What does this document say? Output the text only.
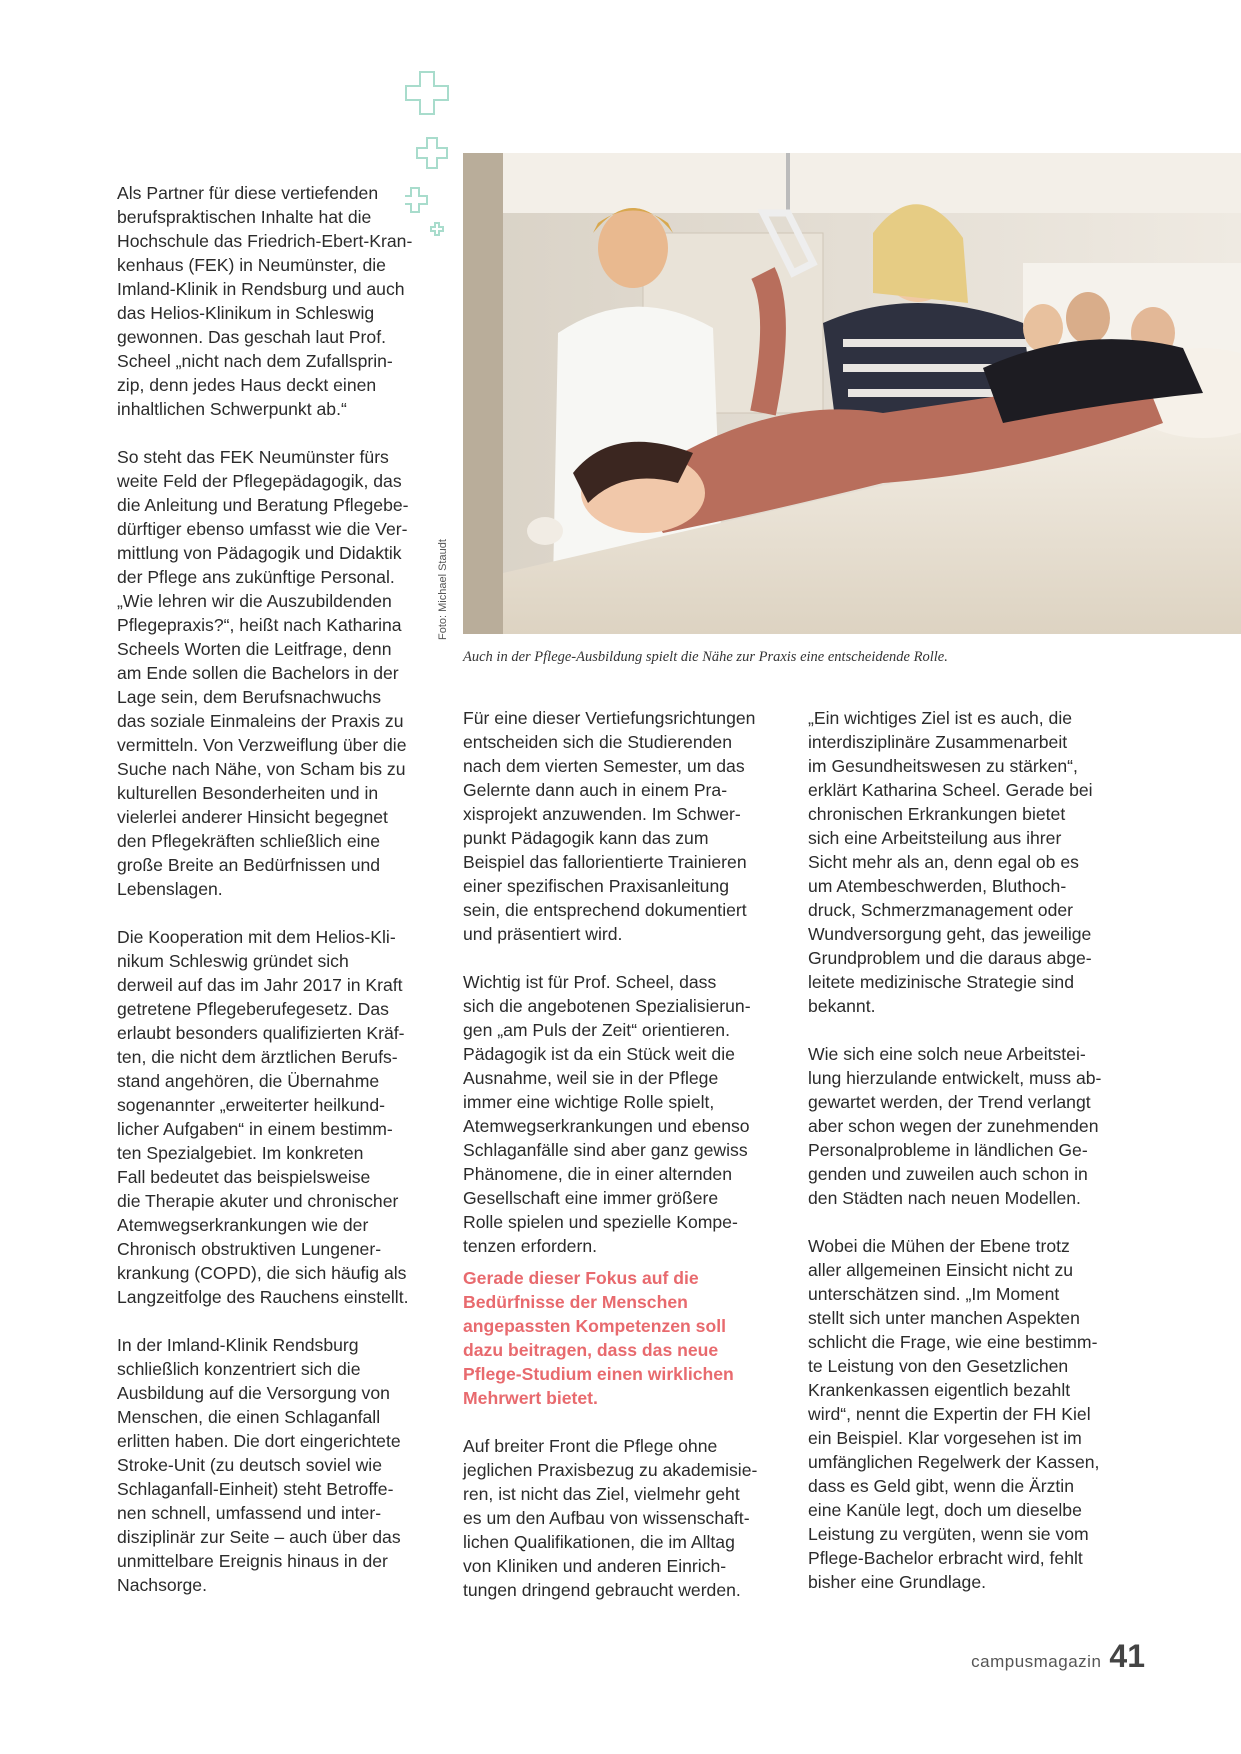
Als Partner für diese vertiefenden
berufspraktischen Inhalte hat die
Hochschule das Friedrich-Ebert-Kran-
kenhaus (FEK) in Neumünster, die
Imland-Klinik in Rendsburg und auch
das Helios-Klinikum in Schleswig
gewonnen. Das geschah laut Prof.
Scheel „nicht nach dem Zufallsprin-
zip, denn jedes Haus deckt einen
inhaltlichen Schwerpunkt ab.“

So steht das FEK Neumünster fürs
weite Feld der Pflegepädagogik, das
die Anleitung und Beratung Pflegebe-
dürftiger ebenso umfasst wie die Ver-
mittlung von Pädagogik und Didaktik
der Pflege ans zukünftige Personal.
„Wie lehren wir die Auszubildenden
Pflegepraxis?“, heißt nach Katharina
Scheels Worten die Leitfrage, denn
am Ende sollen die Bachelors in der
Lage sein, dem Berufsnachwuchs
das soziale Einmaleins der Praxis zu
vermitteln. Von Verzweiflung über die
Suche nach Nähe, von Scham bis zu
kulturellen Besonderheiten und in
vielerlei anderer Hinsicht begegnet
den Pflegekräften schließlich eine
große Breite an Bedürfnissen und
Lebenslagen.

Die Kooperation mit dem Helios-Kli-
nikum Schleswig gründet sich
derweil auf das im Jahr 2017 in Kraft
getretene Pflegeberufegesetz. Das
erlaubt besonders qualifizierten Kräf-
ten, die nicht dem ärztlichen Berufs-
stand angehören, die Übernahme
sogenannter „erweiterter heilkund-
licher Aufgaben“ in einem bestimm-
ten Spezialgebiet. Im konkreten
Fall bedeutet das beispielsweise
die Therapie akuter und chronischer
Atemwegserkrankungen wie der
Chronisch obstruktiven Lungener-
krankung (COPD), die sich häufig als
Langzeitfolge des Rauchens einstellt.

In der Imland-Klinik Rendsburg
schließlich konzentriert sich die
Ausbildung auf die Versorgung von
Menschen, die einen Schlaganfall
erlitten haben. Die dort eingerichtete
Stroke-Unit (zu deutsch soviel wie
Schlaganfall-Einheit) steht Betroffe-
nen schnell, umfassend und inter-
disziplinär zur Seite – auch über das
unmittelbare Ereignis hinaus in der
Nachsorge.

Foto: Michael Staudt
Auch in der Pflege-Ausbildung spielt die Nähe zur Praxis eine entscheidende Rolle.

Für eine dieser Vertiefungsrichtungen
entscheiden sich die Studierenden
nach dem vierten Semester, um das
Gelernte dann auch in einem Pra-
xisprojekt anzuwenden. Im Schwer-
punkt Pädagogik kann das zum
Beispiel das fallorientierte Trainieren
einer spezifischen Praxisanleitung
sein, die entsprechend dokumentiert
und präsentiert wird.

Wichtig ist für Prof. Scheel, dass
sich die angebotenen Spezialisierun-
gen „am Puls der Zeit“ orientieren.
Pädagogik ist da ein Stück weit die
Ausnahme, weil sie in der Pflege
immer eine wichtige Rolle spielt,
Atemwegserkrankungen und ebenso
Schlaganfälle sind aber ganz gewiss
Phänomene, die in einer alternden
Gesellschaft eine immer größere
Rolle spielen und spezielle Kompe-
tenzen erfordern.

Gerade dieser Fokus auf die
Bedürfnisse der Menschen
angepassten Kompetenzen soll
dazu beitragen, dass das neue
Pflege-Studium einen wirklichen
Mehrwert bietet.

Auf breiter Front die Pflege ohne
jeglichen Praxisbezug zu akademisie-
ren, ist nicht das Ziel, vielmehr geht
es um den Aufbau von wissenschaft-
lichen Qualifikationen, die im Alltag
von Kliniken und anderen Einrich-
tungen dringend gebraucht werden.

„Ein wichtiges Ziel ist es auch, die
interdisziplinäre Zusammenarbeit
im Gesundheitswesen zu stärken“,
erklärt Katharina Scheel. Gerade bei
chronischen Erkrankungen bietet
sich eine Arbeitsteilung aus ihrer
Sicht mehr als an, denn egal ob es
um Atembeschwerden, Bluthoch-
druck, Schmerzmanagement oder
Wundversorgung geht, das jeweilige
Grundproblem und die daraus abge-
leitete medizinische Strategie sind
bekannt.

Wie sich eine solch neue Arbeitstei-
lung hierzulande entwickelt, muss ab-
gewartet werden, der Trend verlangt
aber schon wegen der zunehmenden
Personalprobleme in ländlichen Ge-
genden und zuweilen auch schon in
den Städten nach neuen Modellen.

Wobei die Mühen der Ebene trotz
aller allgemeinen Einsicht nicht zu
unterschätzen sind. „Im Moment
stellt sich unter manchen Aspekten
schlicht die Frage, wie eine bestimm-
te Leistung von den Gesetzlichen
Krankenkassen eigentlich bezahlt
wird“, nennt die Expertin der FH Kiel
ein Beispiel. Klar vorgesehen ist im
umfänglichen Regelwerk der Kassen,
dass es Geld gibt, wenn die Ärztin
eine Kanüle legt, doch um dieselbe
Leistung zu vergüten, wenn sie vom
Pflege-Bachelor erbracht wird, fehlt
bisher eine Grundlage.

campusmagazin 41
